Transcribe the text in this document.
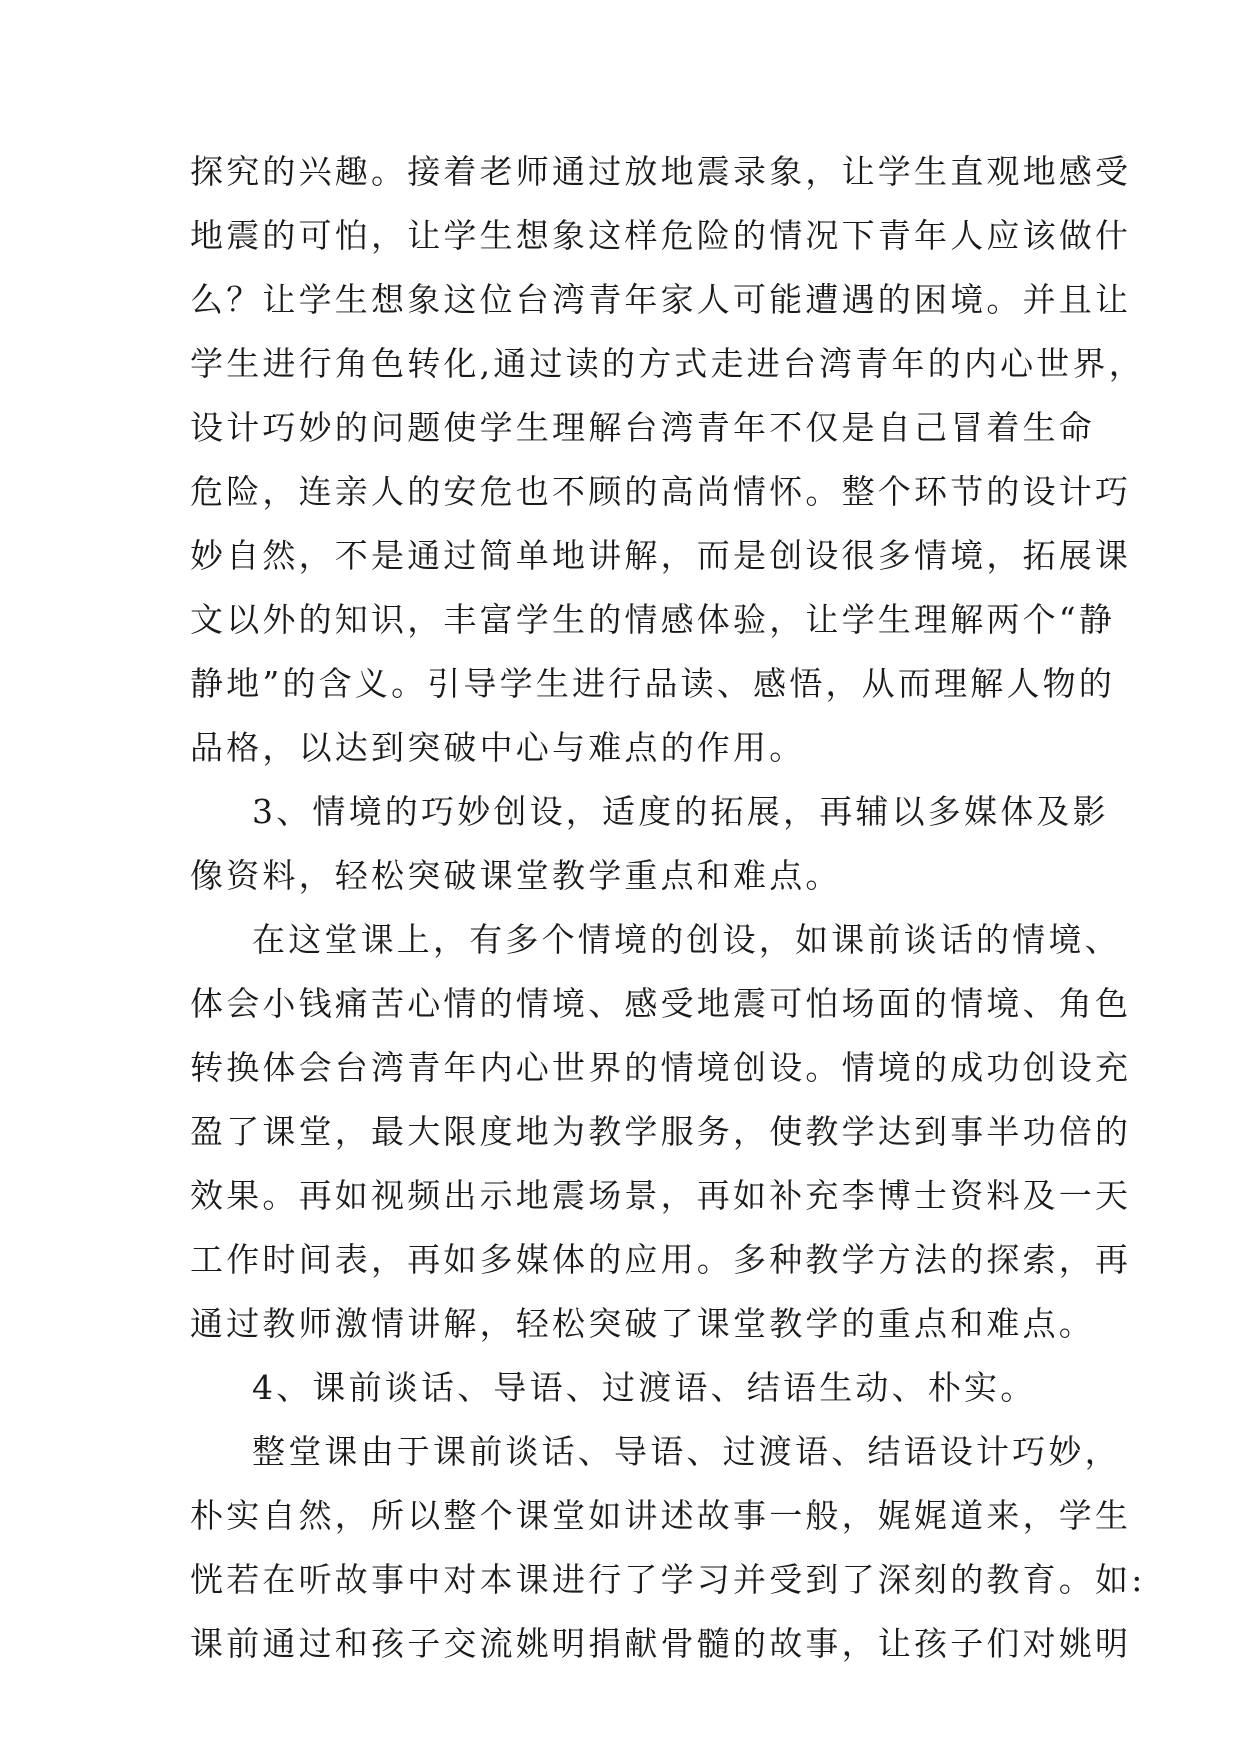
探究的兴趣。接着老师通过放地震录象，让学生直观地感受
地震的可怕，让学生想象这样危险的情况下青年人应该做什
么？让学生想象这位台湾青年家人可能遭遇的困境。并且让
学生进行角色转化,通过读的方式走进台湾青年的内心世界，
设计巧妙的问题使学生理解台湾青年不仅是自己冒着生命
危险，连亲人的安危也不顾的高尚情怀。整个环节的设计巧
妙自然，不是通过简单地讲解，而是创设很多情境，拓展课
文以外的知识，丰富学生的情感体验，让学生理解两个“静
静地”的含义。引导学生进行品读、感悟，从而理解人物的
品格，以达到突破中心与难点的作用。
3、情境的巧妙创设，适度的拓展，再辅以多媒体及影
像资料，轻松突破课堂教学重点和难点。
在这堂课上，有多个情境的创设，如课前谈话的情境、
体会小钱痛苦心情的情境、感受地震可怕场面的情境、角色
转换体会台湾青年内心世界的情境创设。情境的成功创设充
盈了课堂，最大限度地为教学服务，使教学达到事半功倍的
效果。再如视频出示地震场景，再如补充李博士资料及一天
工作时间表，再如多媒体的应用。多种教学方法的探索，再
通过教师激情讲解，轻松突破了课堂教学的重点和难点。
4、课前谈话、导语、过渡语、结语生动、朴实。
整堂课由于课前谈话、导语、过渡语、结语设计巧妙，
朴实自然，所以整个课堂如讲述故事一般，娓娓道来，学生
恍若在听故事中对本课进行了学习并受到了深刻的教育。如:
课前通过和孩子交流姚明捐献骨髓的故事，让孩子们对姚明
